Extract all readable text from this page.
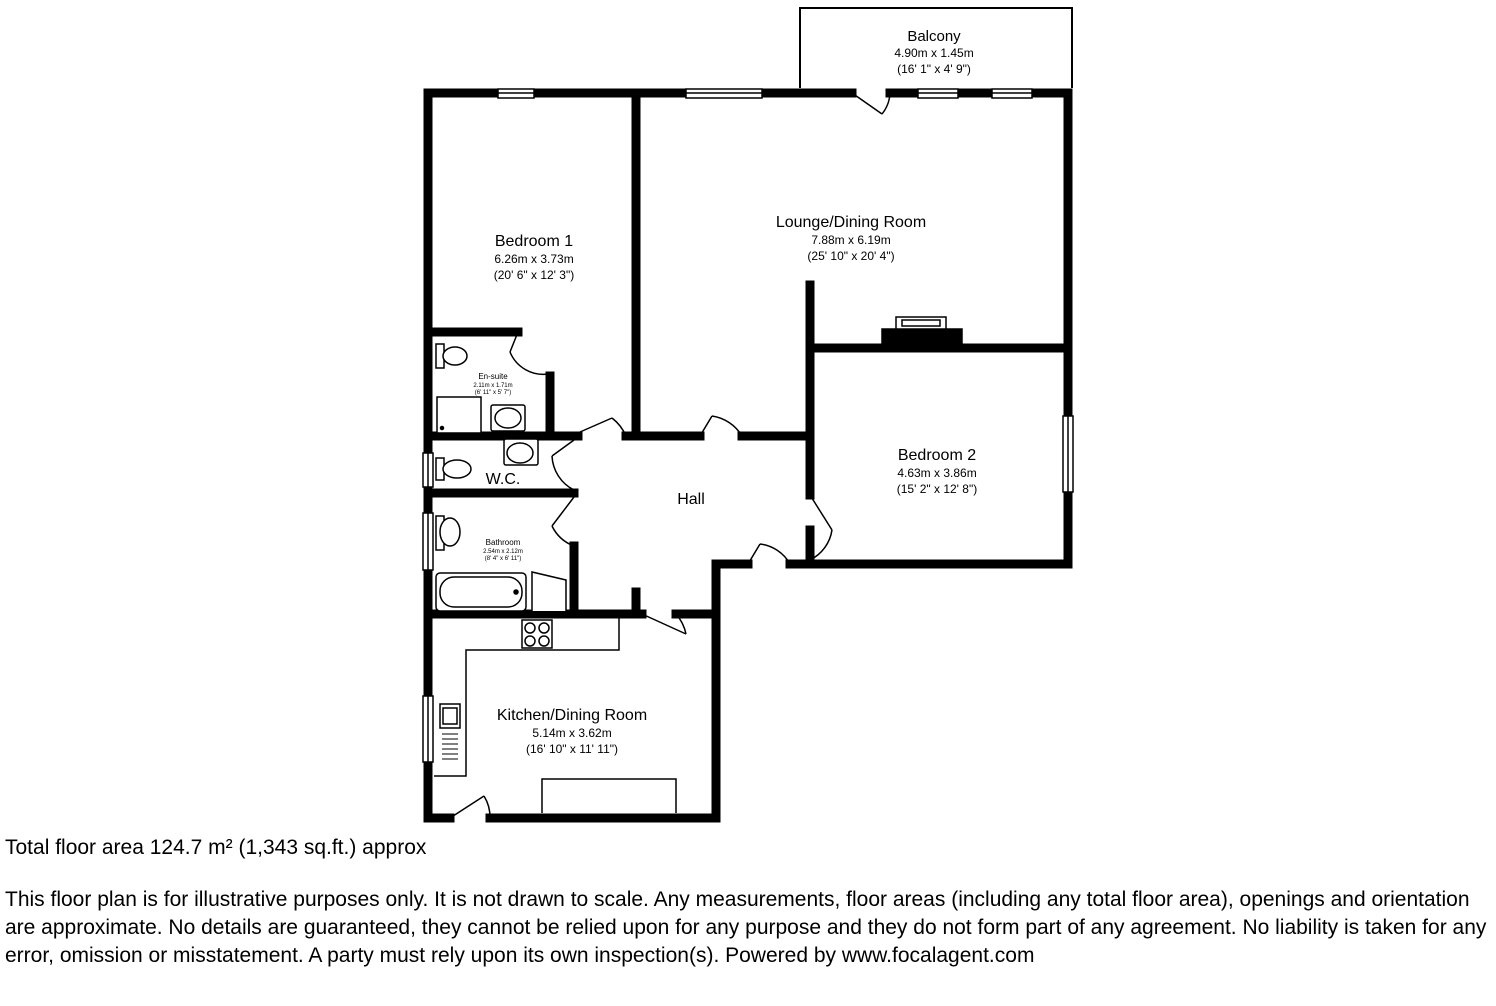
Balcony
4.90m x 1.45m
(16' 1" x 4' 9")
Lounge/Dining Room
7.88m x 6.19m
(25' 10" x 20' 4")
Bedroom 1
6.26m x 3.73m
(20' 6" x 12' 3")
En-suite
2.11m x 1.71m
(6' 11" x 5' 7")
W.C.
Hall
Bedroom 2
4.63m x 3.86m
(15' 2" x 12' 8")
Bathroom
2.54m x 2.12m
(8' 4" x 6' 11")
Kitchen/Dining Room
5.14m x 3.62m
(16' 10" x 11' 11")
Total floor area 124.7 m² (1,343 sq.ft.) approx
This floor plan is for illustrative purposes only. It is not drawn to scale. Any measurements, floor areas (including any total floor area), openings and orientation are approximate. No details are guaranteed, they cannot be relied upon for any purpose and they do not form part of any agreement. No liability is taken for any error, omission or misstatement. A party must rely upon its own inspection(s). Powered by www.focalagent.com
